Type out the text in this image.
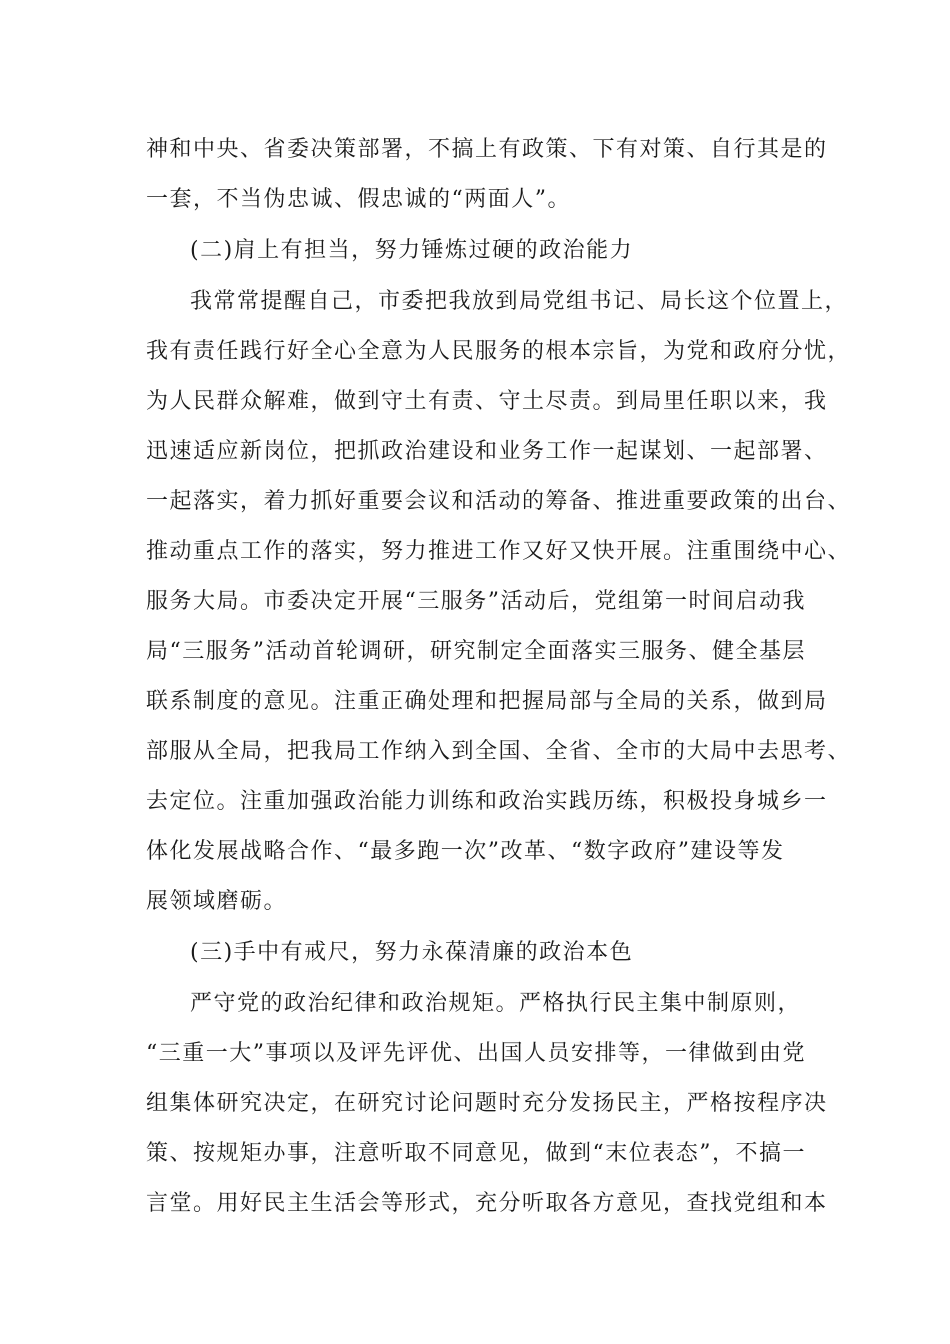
神和中央、省委决策部署，不搞上有政策、下有对策、自行其是的
一套，不当伪忠诚、假忠诚的“两面人”。
(二)肩上有担当，努力锤炼过硬的政治能力
我常常提醒自己，市委把我放到局党组书记、局长这个位置上，
我有责任践行好全心全意为人民服务的根本宗旨，为党和政府分忧，
为人民群众解难，做到守土有责、守土尽责。到局里任职以来，我
迅速适应新岗位，把抓政治建设和业务工作一起谋划、一起部署、
一起落实，着力抓好重要会议和活动的筹备、推进重要政策的出台、
推动重点工作的落实，努力推进工作又好又快开展。注重围绕中心、
服务大局。市委决定开展“三服务”活动后，党组第一时间启动我
局“三服务”活动首轮调研，研究制定全面落实三服务、健全基层
联系制度的意见。注重正确处理和把握局部与全局的关系，做到局
部服从全局，把我局工作纳入到全国、全省、全市的大局中去思考、
去定位。注重加强政治能力训练和政治实践历练，积极投身城乡一
体化发展战略合作、“最多跑一次”改革、“数字政府”建设等发
展领域磨砺。
(三)手中有戒尺，努力永葆清廉的政治本色
严守党的政治纪律和政治规矩。严格执行民主集中制原则，
“三重一大”事项以及评先评优、出国人员安排等，一律做到由党
组集体研究决定，在研究讨论问题时充分发扬民主，严格按程序决
策、按规矩办事，注意听取不同意见，做到“末位表态”，不搞一
言堂。用好民主生活会等形式，充分听取各方意见，查找党组和本
